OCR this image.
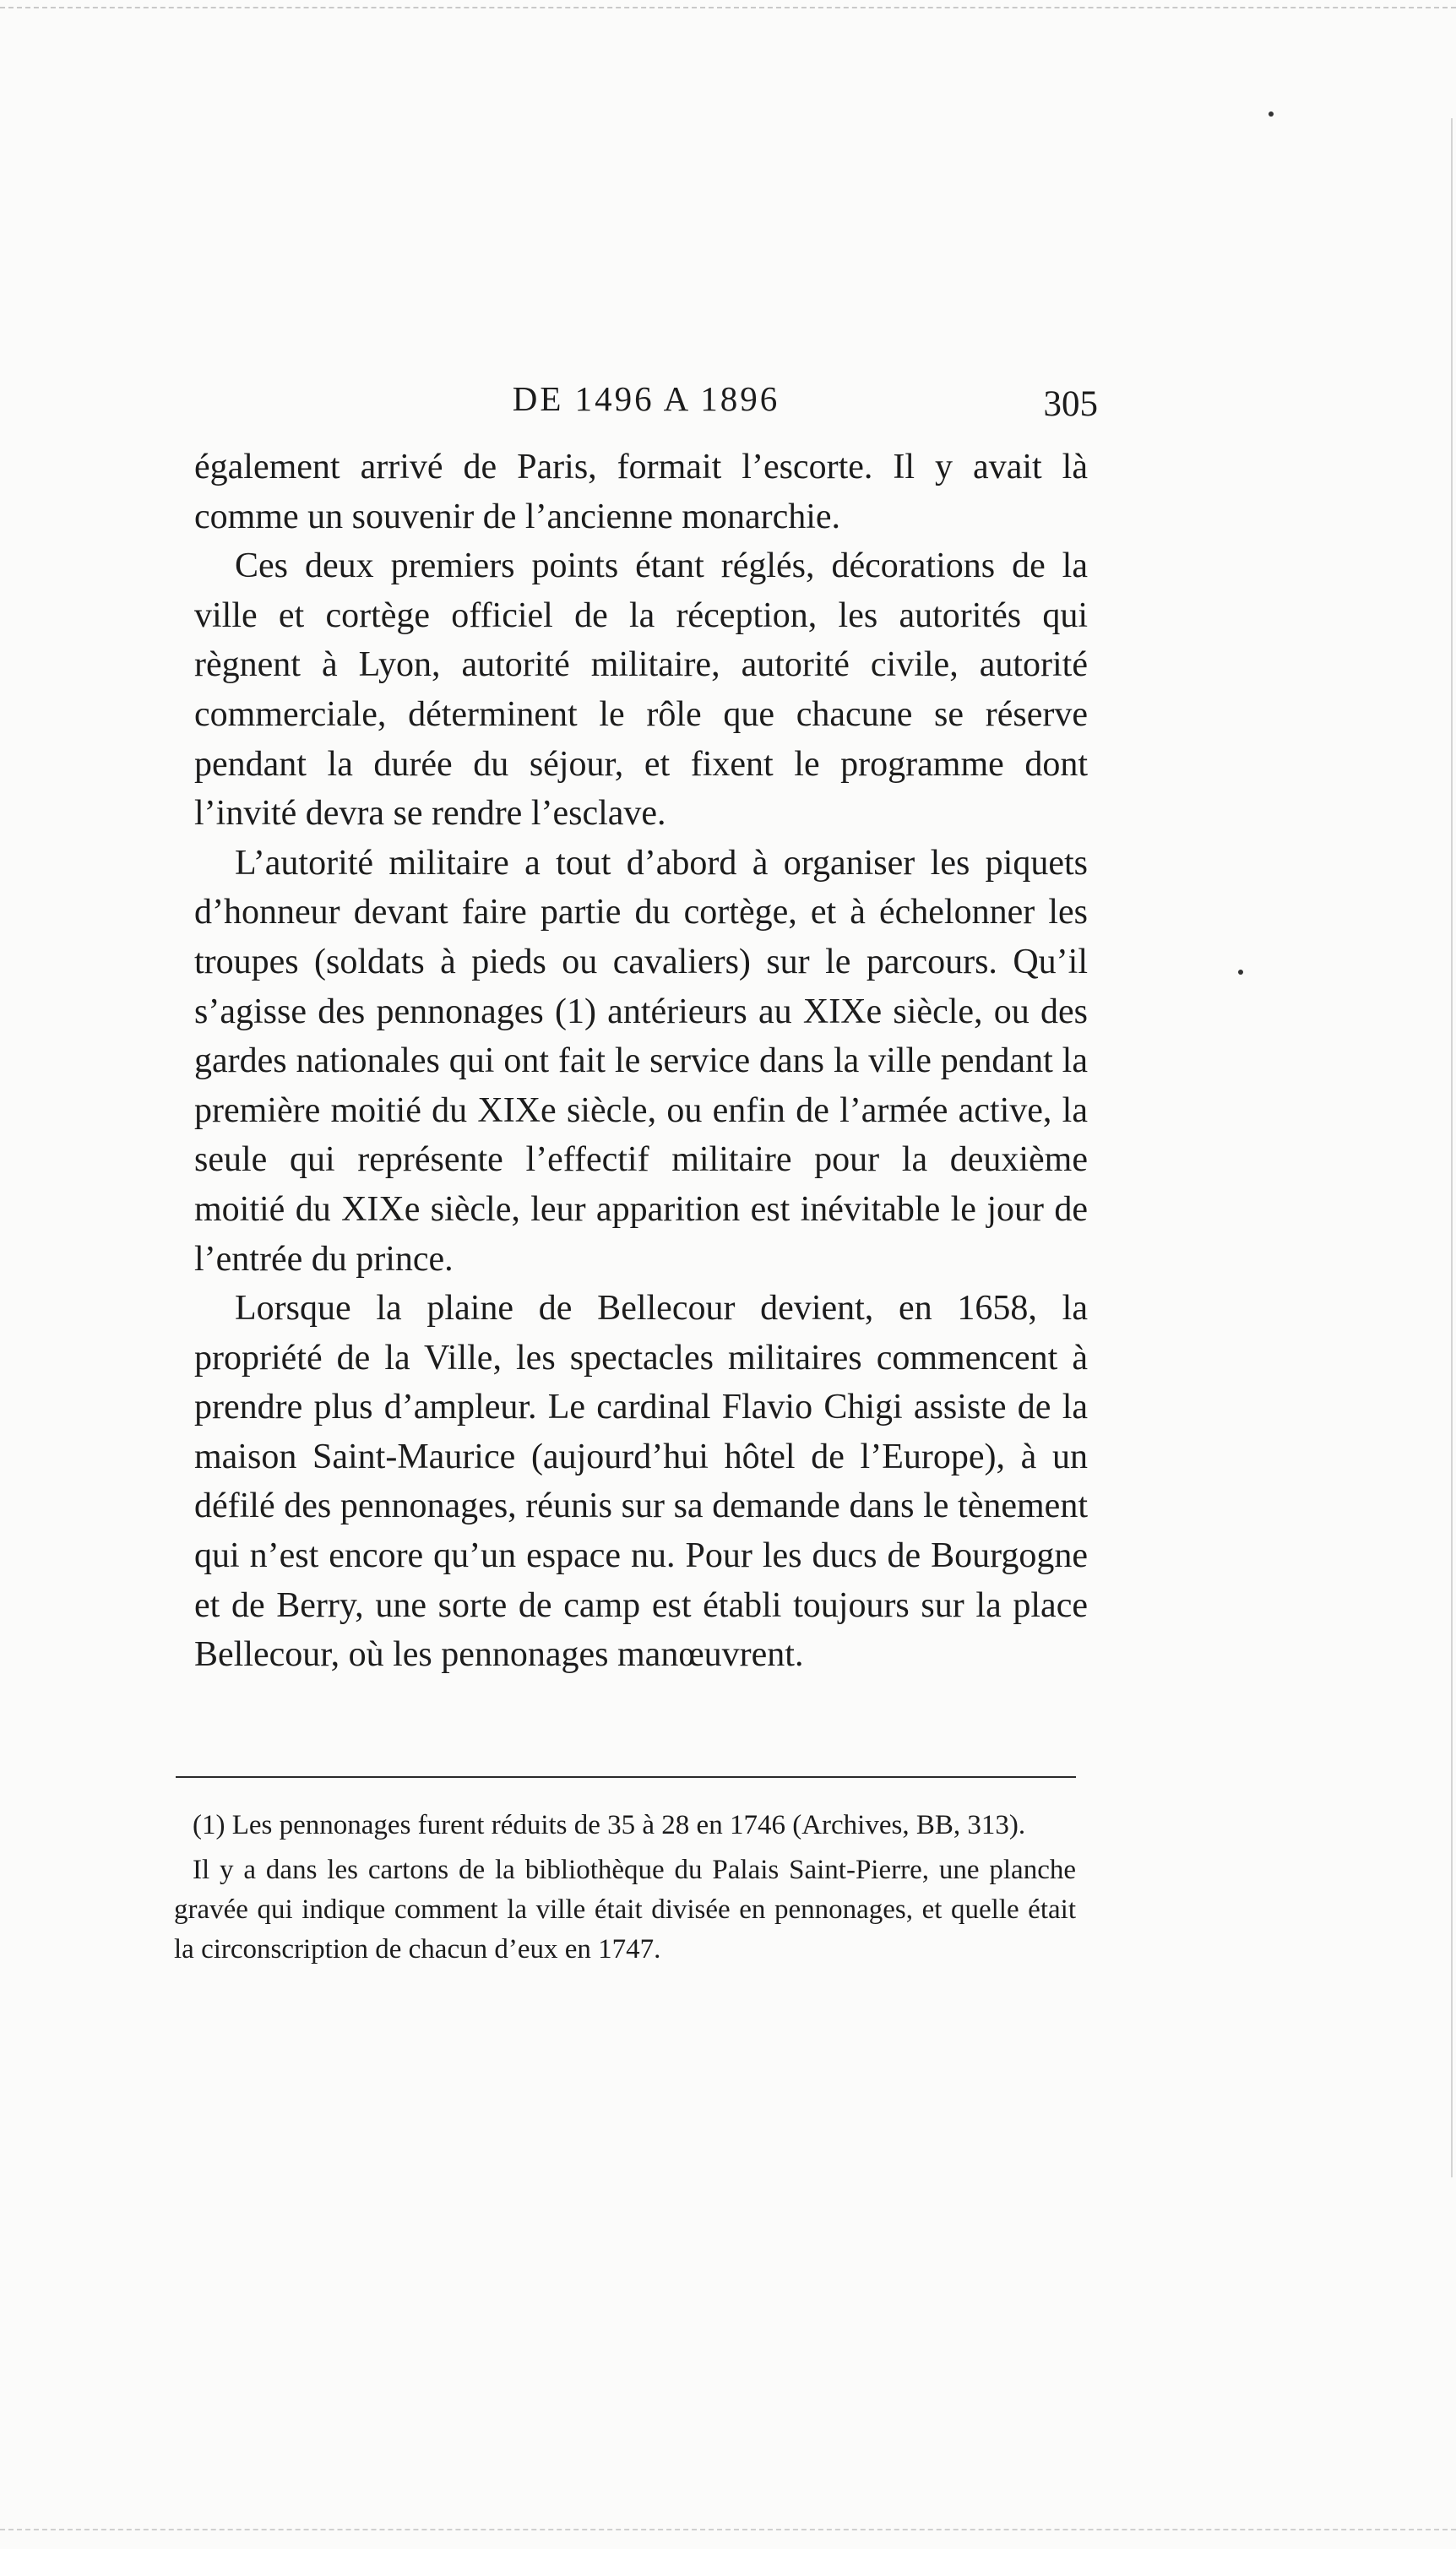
DE 1496 A 1896	305

également arrivé de Paris, formait l’escorte. Il y avait là comme un souvenir de l’ancienne monarchie.

Ces deux premiers points étant réglés, décorations de la ville et cortège officiel de la réception, les autorités qui règnent à Lyon, autorité militaire, autorité civile, autorité commerciale, déterminent le rôle que chacune se réserve pendant la durée du séjour, et fixent le programme dont l’invité devra se rendre l’esclave.

L’autorité militaire a tout d’abord à organiser les piquets d’honneur devant faire partie du cortège, et à échelonner les troupes (soldats à pieds ou cavaliers) sur le parcours. Qu’il s’agisse des pennonages (1) antérieurs au XIXe siècle, ou des gardes nationales qui ont fait le service dans la ville pendant la première moitié du XIXe siècle, ou enfin de l’armée active, la seule qui représente l’effectif militaire pour la deuxième moitié du XIXe siècle, leur apparition est inévitable le jour de l’entrée du prince.

Lorsque la plaine de Bellecour devient, en 1658, la propriété de la Ville, les spectacles militaires commencent à prendre plus d’ampleur. Le cardinal Flavio Chigi assiste de la maison Saint-Maurice (aujourd’hui hôtel de l’Europe), à un défilé des pennonages, réunis sur sa demande dans le tènement qui n’est encore qu’un espace nu. Pour les ducs de Bourgogne et de Berry, une sorte de camp est établi toujours sur la place Bellecour, où les pennonages manœuvrent.

(1) Les pennonages furent réduits de 35 à 28 en 1746 (Archives, BB, 313).

Il y a dans les cartons de la bibliothèque du Palais Saint-Pierre, une planche gravée qui indique comment la ville était divisée en pennonages, et quelle était la circonscription de chacun d’eux en 1747.
